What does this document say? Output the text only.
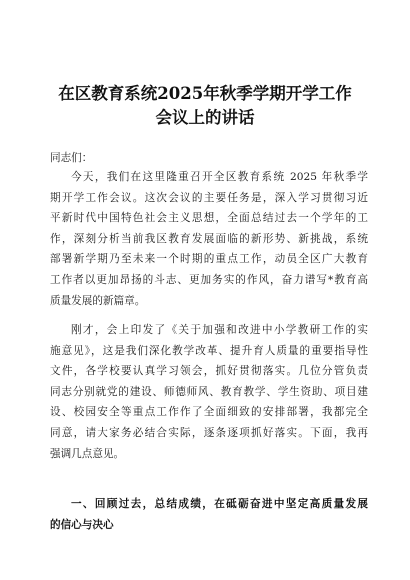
在区教育系统2025年秋季学期开学工作
会议上的讲话
同志们：
今天，我们在这里隆重召开全区教育系统 2025 年秋季学
期开学工作会议。这次会议的主要任务是，深入学习贯彻习近
平新时代中国特色社会主义思想，全面总结过去一个学年的工
作，深刻分析当前我区教育发展面临的新形势、新挑战，系统
部署新学期乃至未来一个时期的重点工作，动员全区广大教育
工作者以更加昂扬的斗志、更加务实的作风，奋力谱写*教育高
质量发展的新篇章。
刚才，会上印发了《关于加强和改进中小学教研工作的实
施意见》，这是我们深化教学改革、提升育人质量的重要指导性
文件，各学校要认真学习领会，抓好贯彻落实。几位分管负责
同志分别就党的建设、师德师风、教育教学、学生资助、项目建
设、校园安全等重点工作作了全面细致的安排部署，我都完全
同意，请大家务必结合实际，逐条逐项抓好落实。下面，我再
强调几点意见。
一、回顾过去，总结成绩，在砥砺奋进中坚定高质量发展
的信心与决心
